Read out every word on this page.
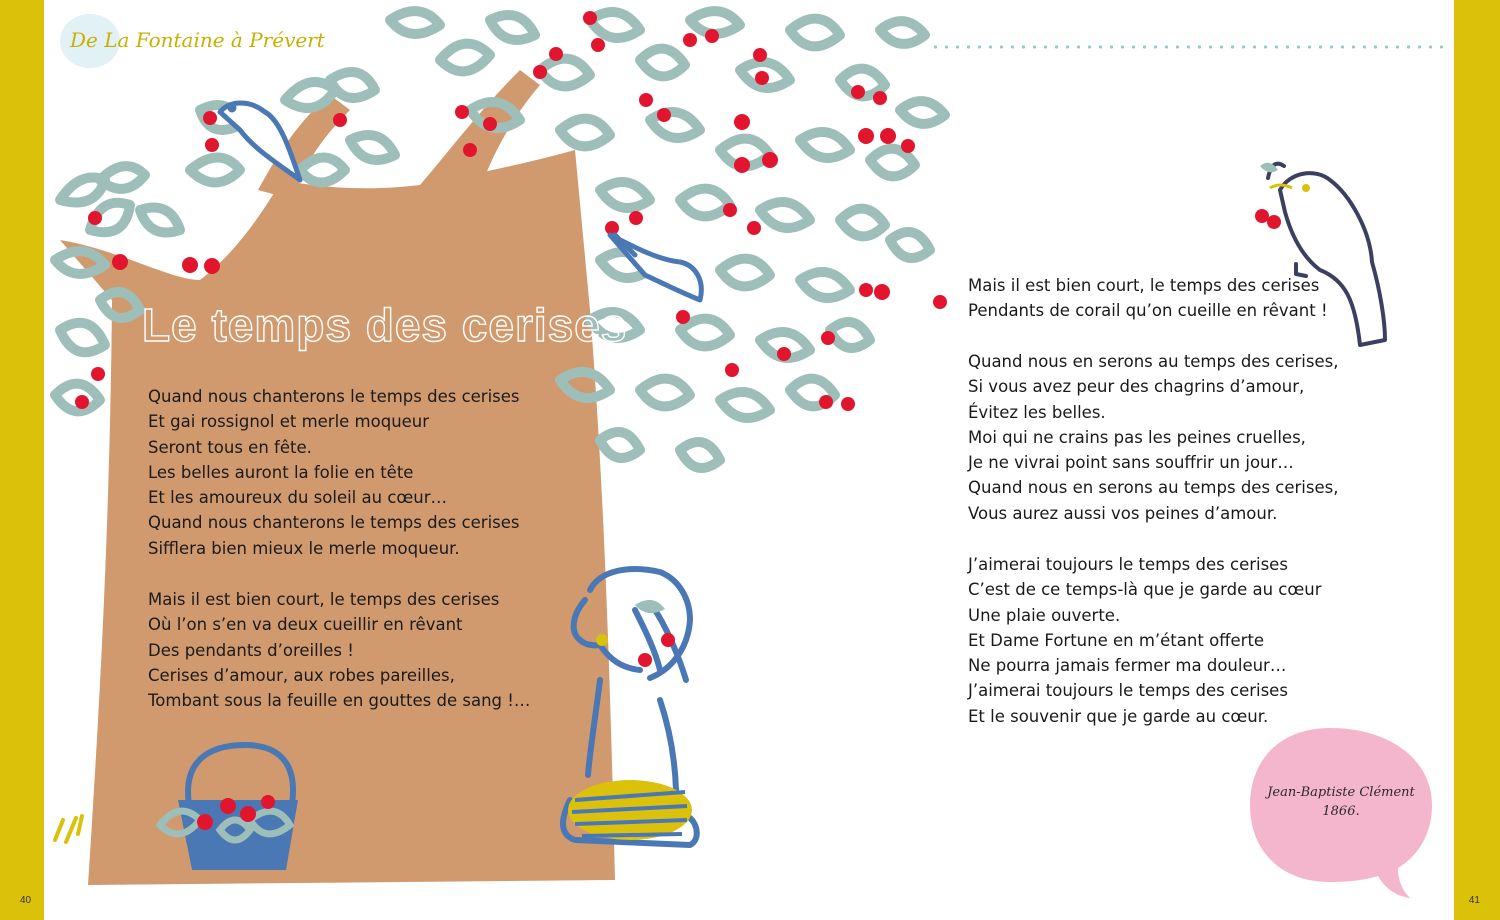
De La Fontaine à Prévert
Le temps des cerises

Quand nous chanterons le temps des cerises
Et gai rossignol et merle moqueur
Seront tous en fête.
Les belles auront la folie en tête
Et les amoureux du soleil au cœur…
Quand nous chanterons le temps des cerises
Sifflera bien mieux le merle moqueur.

Mais il est bien court, le temps des cerises
Où l’on s’en va deux cueillir en rêvant
Des pendants d’oreilles !
Cerises d’amour, aux robes pareilles,
Tombant sous la feuille en gouttes de sang !…

Mais il est bien court, le temps des cerises
Pendants de corail qu’on cueille en rêvant !

Quand nous en serons au temps des cerises,
Si vous avez peur des chagrins d’amour,
Évitez les belles.
Moi qui ne crains pas les peines cruelles,
Je ne vivrai point sans souffrir un jour…
Quand nous en serons au temps des cerises,
Vous aurez aussi vos peines d’amour.

J’aimerai toujours le temps des cerises
C’est de ce temps-là que je garde au cœur
Une plaie ouverte.
Et Dame Fortune en m’étant offerte
Ne pourra jamais fermer ma douleur…
J’aimerai toujours le temps des cerises
Et le souvenir que je garde au cœur.

Jean-Baptiste Clément
1866.
40	41
